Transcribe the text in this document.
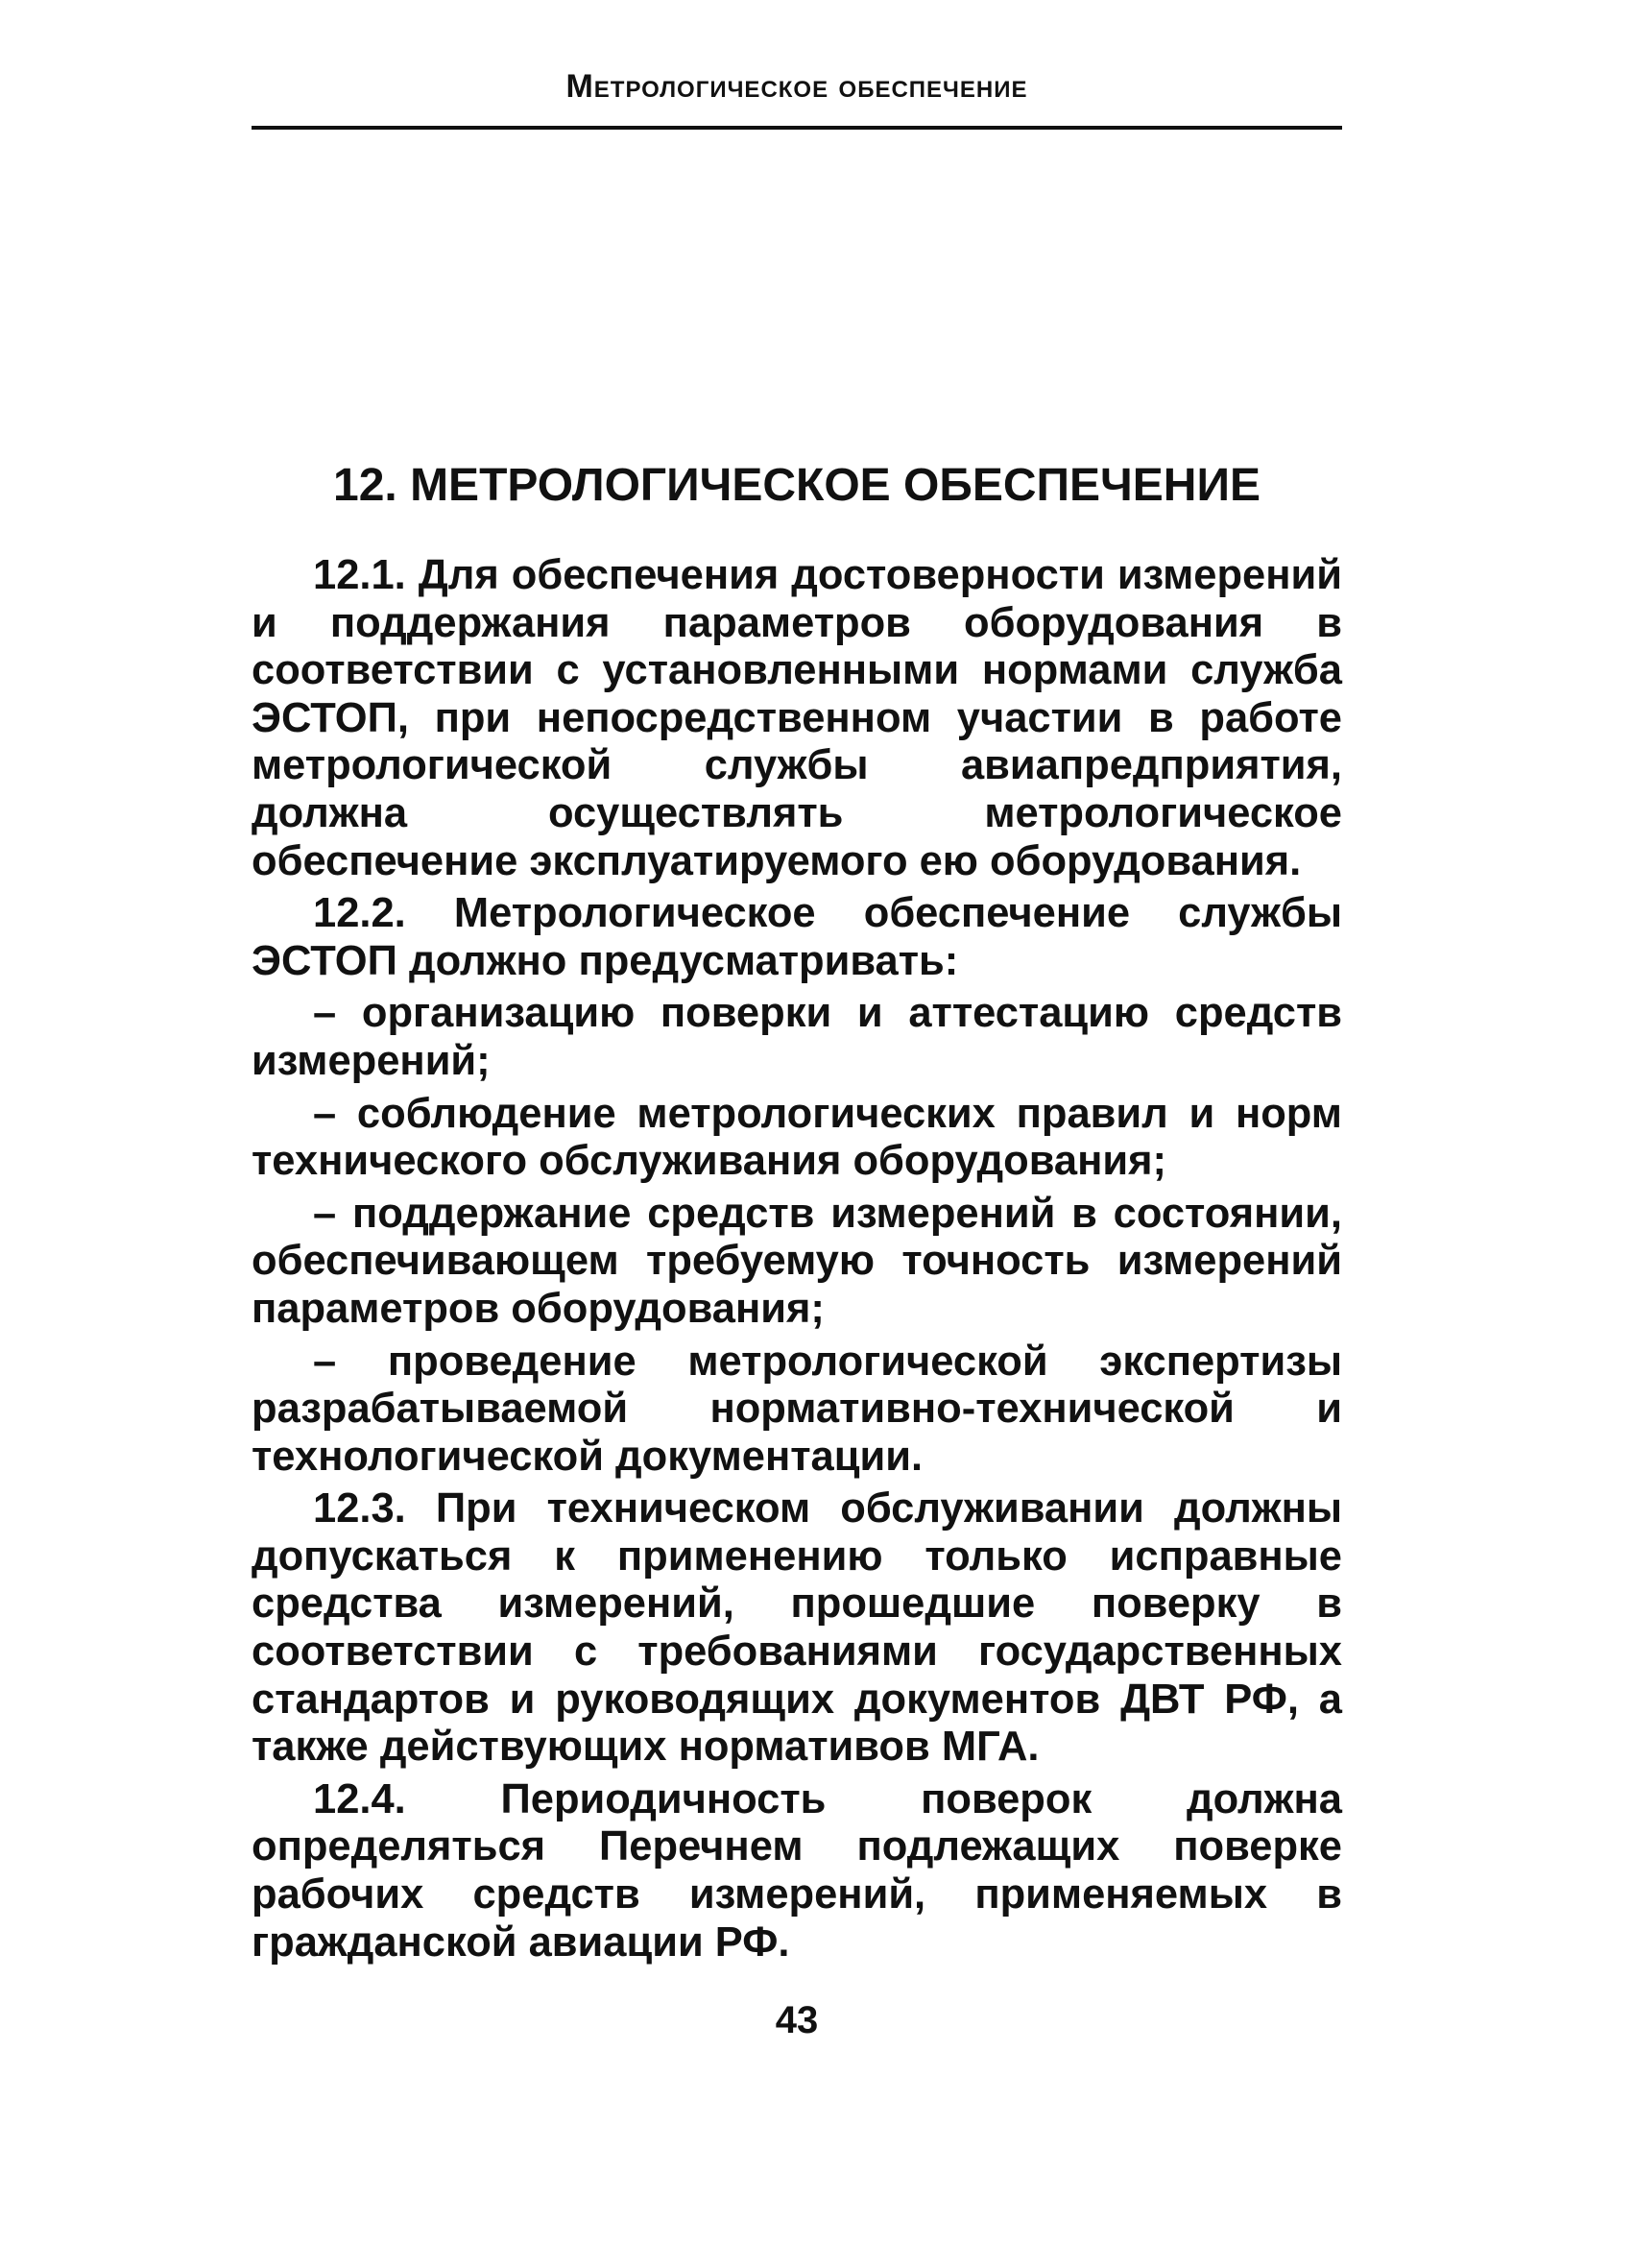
Метрологическое обеспечение
12. МЕТРОЛОГИЧЕСКОЕ ОБЕСПЕЧЕНИЕ

12.1. Для обеспечения достоверности измерений и поддержания параметров оборудования в соответствии с установленными нормами служба ЭСТОП, при непосредственном участии в работе метрологической службы авиапредприятия, должна осуществлять метрологическое обеспечение эксплуатируемого ею оборудования.

12.2. Метрологическое обеспечение службы ЭСТОП должно предусматривать:

– организацию поверки и аттестацию средств измерений;

– соблюдение метрологических правил и норм технического обслуживания оборудования;

– поддержание средств измерений в состоянии, обеспечивающем требуемую точность измерений параметров оборудования;

– проведение метрологической экспертизы разрабатываемой нормативно-технической и технологической документации.

12.3. При техническом обслуживании должны допускаться к применению только исправные средства измерений, прошедшие поверку в соответствии с требованиями государственных стандартов и руководящих документов ДВТ РФ, а также действующих нормативов МГА.

12.4. Периодичность поверок должна определяться Перечнем подлежащих поверке рабочих средств измерений, применяемых в гражданской авиации РФ.

43
